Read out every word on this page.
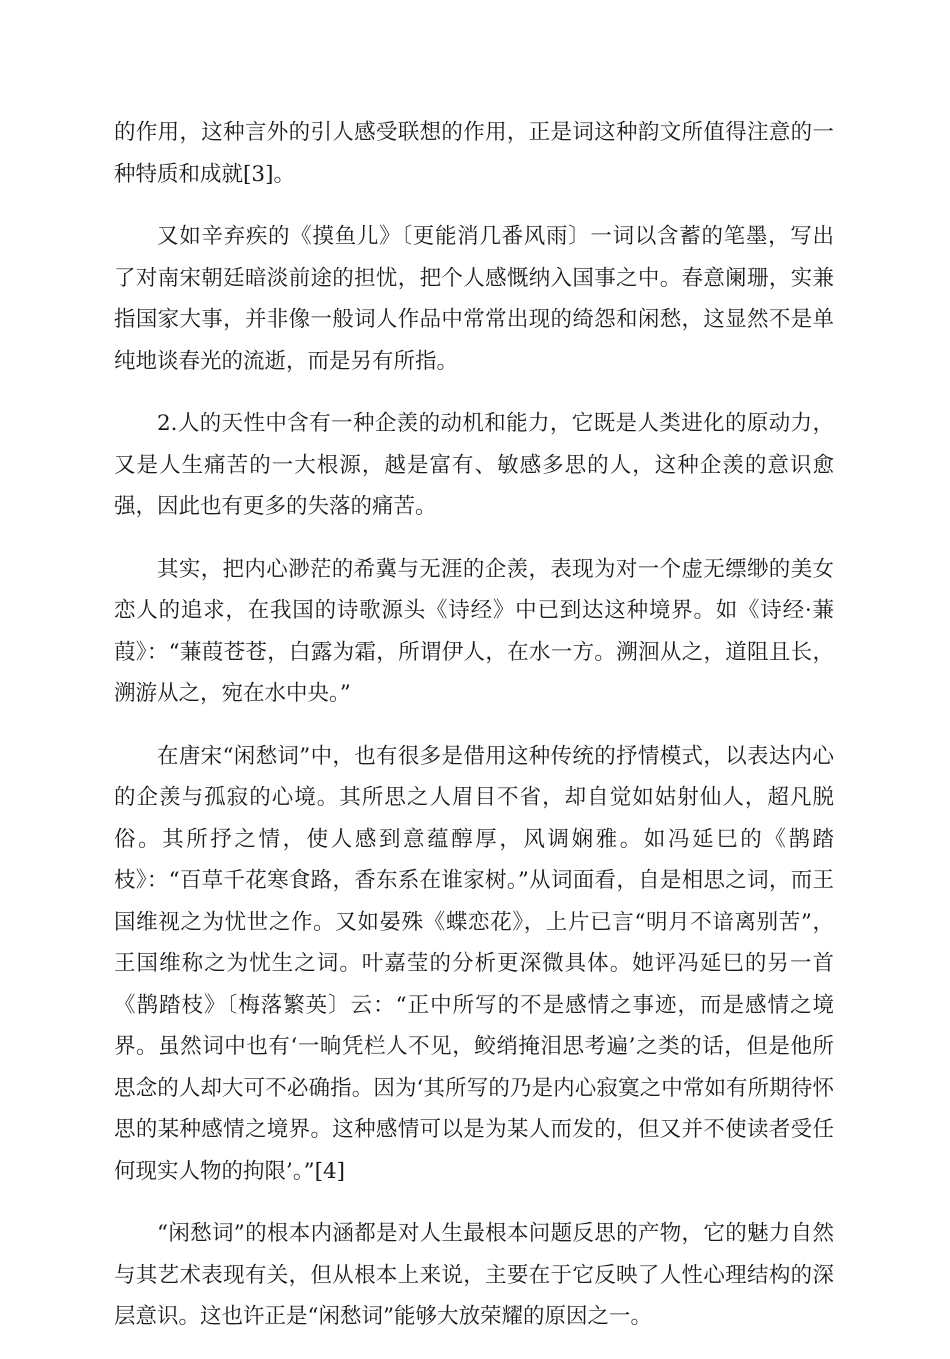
的作用，这种言外的引人感受联想的作用，正是词这种韵文所值得注意的一种特质和成就[3]。

又如辛弃疾的《摸鱼儿》〔更能消几番风雨〕一词以含蓄的笔墨，写出了对南宋朝廷暗淡前途的担忧，把个人感慨纳入国事之中。春意阑珊，实兼指国家大事，并非像一般词人作品中常常出现的绮怨和闲愁，这显然不是单纯地谈春光的流逝，而是另有所指。

2.人的天性中含有一种企羡的动机和能力，它既是人类进化的原动力，又是人生痛苦的一大根源，越是富有、敏感多思的人，这种企羡的意识愈强，因此也有更多的失落的痛苦。

其实，把内心渺茫的希冀与无涯的企羡，表现为对一个虚无缥缈的美女恋人的追求，在我国的诗歌源头《诗经》中已到达这种境界。如《诗经·蒹葭》：“蒹葭苍苍，白露为霜，所谓伊人，在水一方。溯洄从之，道阻且长，溯游从之，宛在水中央。”

在唐宋“闲愁词”中，也有很多是借用这种传统的抒情模式，以表达内心的企羡与孤寂的心境。其所思之人眉目不省，却自觉如姑射仙人，超凡脱俗。其所抒之情，使人感到意蕴醇厚，风调娴雅。如冯延巳的《鹊踏枝》：“百草千花寒食路，香东系在谁家树。”从词面看，自是相思之词，而王国维视之为忧世之作。又如晏殊《蝶恋花》，上片已言“明月不谙离别苦”，王国维称之为忧生之词。叶嘉莹的分析更深微具体。她评冯延巳的另一首《鹊踏枝》〔梅落繁英〕云：“正中所写的不是感情之事迹，而是感情之境界。虽然词中也有‘一晌凭栏人不见，鲛绡掩泪思考遍’之类的话，但是他所思念的人却大可不必确指。因为‘其所写的乃是内心寂寞之中常如有所期待怀思的某种感情之境界。这种感情可以是为某人而发的，但又并不使读者受任何现实人物的拘限’。”[4]

“闲愁词”的根本内涵都是对人生最根本问题反思的产物，它的魅力自然与其艺术表现有关，但从根本上来说，主要在于它反映了人性心理结构的深层意识。这也许正是“闲愁词”能够大放荣耀的原因之一。
